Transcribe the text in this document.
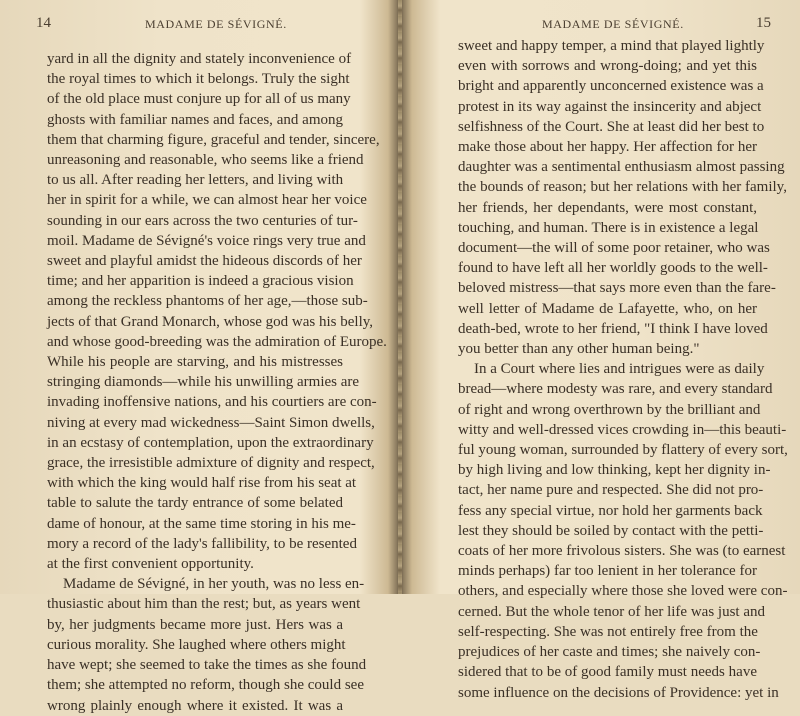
14	MADAME DE SÉVIGNÉ.
yard in all the dignity and stately inconvenience of
the royal times to which it belongs. Truly the sight
of the old place must conjure up for all of us many
ghosts with familiar names and faces, and among
them that charming figure, graceful and tender, sincere,
unreasoning and reasonable, who seems like a friend
to us all. After reading her letters, and living with
her in spirit for a while, we can almost hear her voice
sounding in our ears across the two centuries of tur-
moil. Madame de Sévigné's voice rings very true and
sweet and playful amidst the hideous discords of her
time; and her apparition is indeed a gracious vision
among the reckless phantoms of her age,—those sub-
jects of that Grand Monarch, whose god was his belly,
and whose good-breeding was the admiration of Europe.
While his people are starving, and his mistresses
stringing diamonds—while his unwilling armies are
invading inoffensive nations, and his courtiers are con-
niving at every mad wickedness—Saint Simon dwells,
in an ecstasy of contemplation, upon the extraordinary
grace, the irresistible admixture of dignity and respect,
with which the king would half rise from his seat at
table to salute the tardy entrance of some belated
dame of honour, at the same time storing in his me-
mory a record of the lady's fallibility, to be resented
at the first convenient opportunity.
Madame de Sévigné, in her youth, was no less en-
thusiastic about him than the rest; but, as years went
by, her judgments became more just. Hers was a
curious morality. She laughed where others might
have wept; she seemed to take the times as she found
them; she attempted no reform, though she could see
wrong plainly enough where it existed. It was a
MADAME DE SÉVIGNÉ.	15
sweet and happy temper, a mind that played lightly
even with sorrows and wrong-doing; and yet this
bright and apparently unconcerned existence was a
protest in its way against the insincerity and abject
selfishness of the Court. She at least did her best to
make those about her happy. Her affection for her
daughter was a sentimental enthusiasm almost passing
the bounds of reason; but her relations with her family,
her friends, her dependants, were most constant,
touching, and human. There is in existence a legal
document—the will of some poor retainer, who was
found to have left all her worldly goods to the well-
beloved mistress—that says more even than the fare-
well letter of Madame de Lafayette, who, on her
death-bed, wrote to her friend, "I think I have loved
you better than any other human being."
In a Court where lies and intrigues were as daily
bread—where modesty was rare, and every standard
of right and wrong overthrown by the brilliant and
witty and well-dressed vices crowding in—this beauti-
ful young woman, surrounded by flattery of every sort,
by high living and low thinking, kept her dignity in-
tact, her name pure and respected. She did not pro-
fess any special virtue, nor hold her garments back
lest they should be soiled by contact with the petti-
coats of her more frivolous sisters. She was (to earnest
minds perhaps) far too lenient in her tolerance for
others, and especially where those she loved were con-
cerned. But the whole tenor of her life was just and
self-respecting. She was not entirely free from the
prejudices of her caste and times; she naively con-
sidered that to be of good family must needs have
some influence on the decisions of Providence: yet in
